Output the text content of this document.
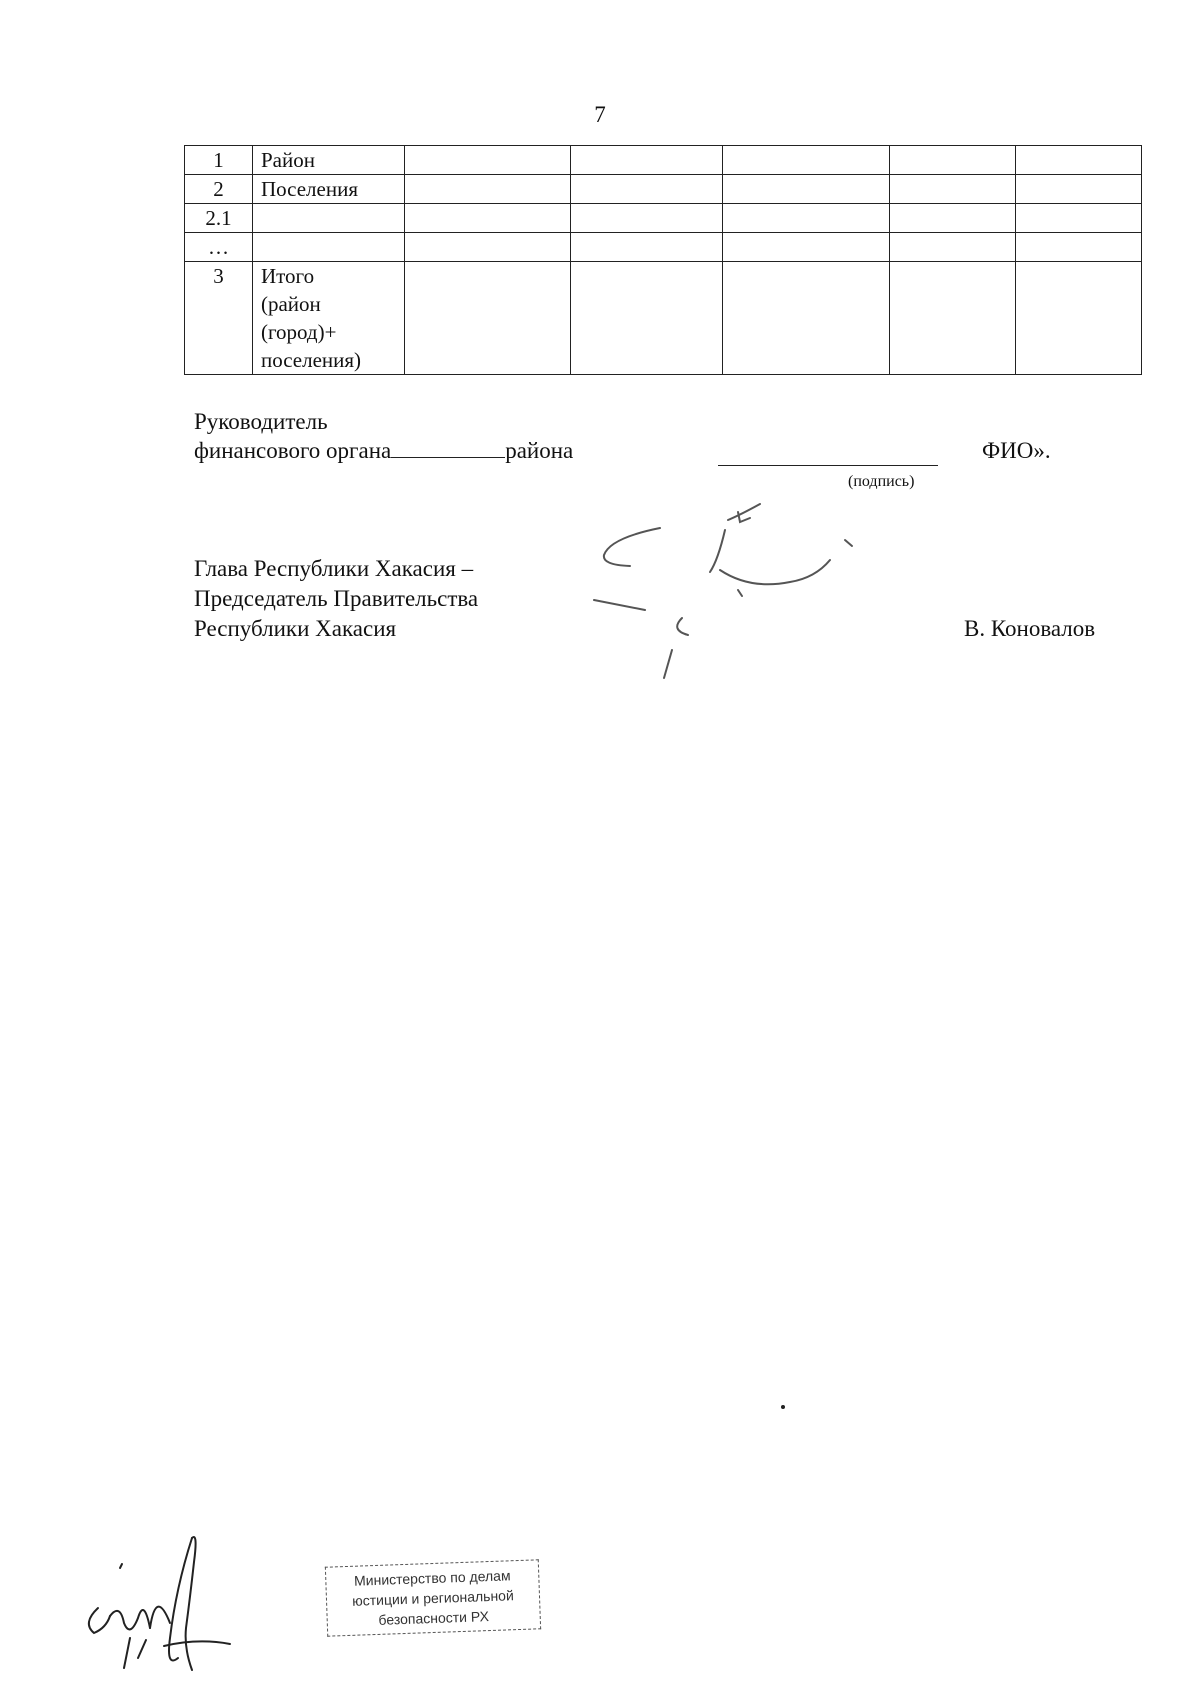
7
1	Район					
2	Поселения					
2.1						
…						
3	Итого
(район
(город)+
поселения)					
Руководитель
финансового органа	района
(подпись)
ФИО».
Глава Республики Хакасия –
Председатель Правительства
Республики Хакасия	В. Коновалов
Министерство по делам
юстиции и региональной
безопасности РХ
